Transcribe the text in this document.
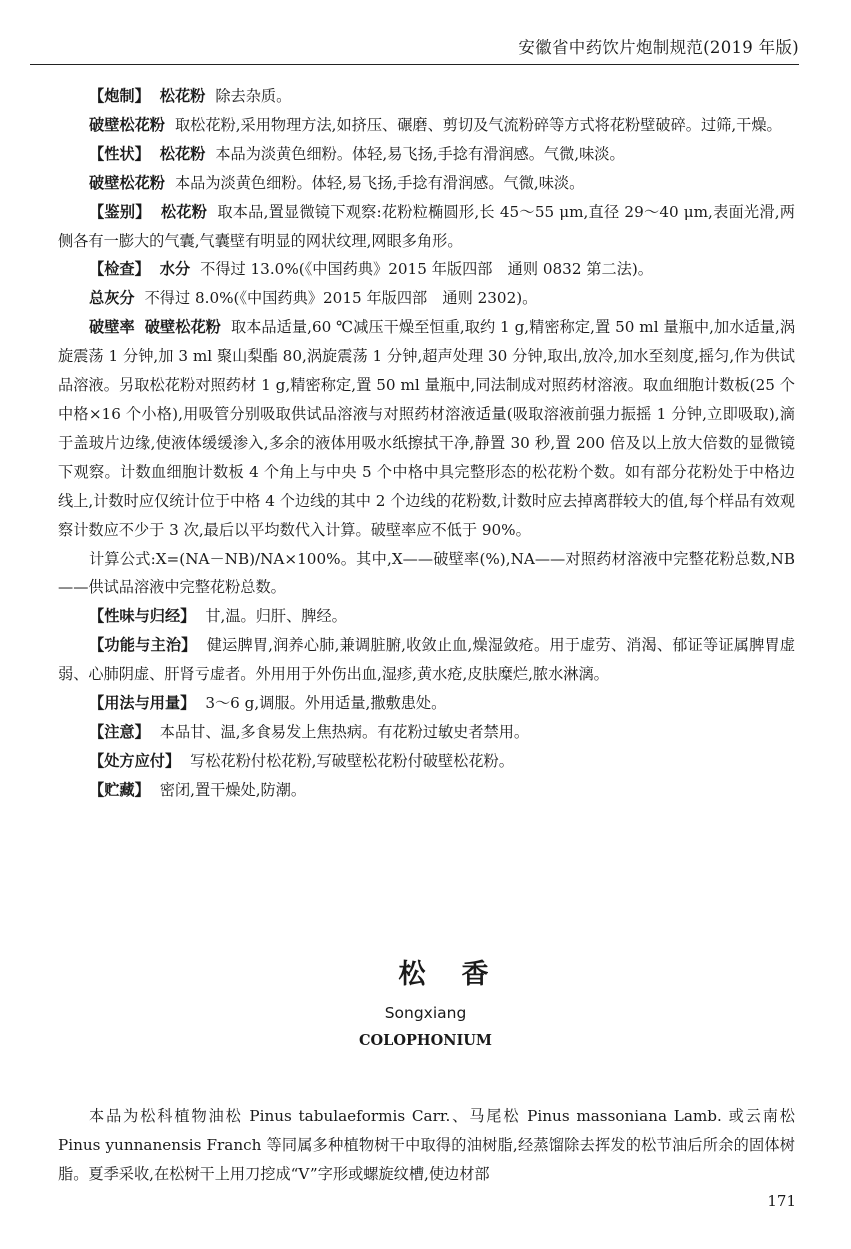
安徽省中药饮片炮制规范(2019 年版)

【炮制】 松花粉 除去杂质。

破壁松花粉 取松花粉,采用物理方法,如挤压、碾磨、剪切及气流粉碎等方式将花粉壁破碎。过筛,干燥。

【性状】 松花粉 本品为淡黄色细粉。体轻,易飞扬,手捻有滑润感。气微,味淡。

破壁松花粉 本品为淡黄色细粉。体轻,易飞扬,手捻有滑润感。气微,味淡。

【鉴别】 松花粉 取本品,置显微镜下观察:花粉粒椭圆形,长 45～55 μm,直径 29～40 μm,表面光滑,两侧各有一膨大的气囊,气囊壁有明显的网状纹理,网眼多角形。

【检查】 水分 不得过 13.0%(《中国药典》2015 年版四部　通则 0832 第二法)。

总灰分 不得过 8.0%(《中国药典》2015 年版四部　通则 2302)。

破壁率 破壁松花粉 取本品适量,60 ℃减压干燥至恒重,取约 1 g,精密称定,置 50 ml 量瓶中,加水适量,涡旋震荡 1 分钟,加 3 ml 聚山梨酯 80,涡旋震荡 1 分钟,超声处理 30 分钟,取出,放冷,加水至刻度,摇匀,作为供试品溶液。另取松花粉对照药材 1 g,精密称定,置 50 ml 量瓶中,同法制成对照药材溶液。取血细胞计数板(25 个中格×16 个小格),用吸管分别吸取供试品溶液与对照药材溶液适量(吸取溶液前强力振摇 1 分钟,立即吸取),滴于盖玻片边缘,使液体缓缓渗入,多余的液体用吸水纸擦拭干净,静置 30 秒,置 200 倍及以上放大倍数的显微镜下观察。计数血细胞计数板 4 个角上与中央 5 个中格中具完整形态的松花粉个数。如有部分花粉处于中格边线上,计数时应仅统计位于中格 4 个边线的其中 2 个边线的花粉数,计数时应去掉离群较大的值,每个样品有效观察计数应不少于 3 次,最后以平均数代入计算。破壁率应不低于 90%。

计算公式:X=(NA－NB)/NA×100%。其中,X——破壁率(%),NA——对照药材溶液中完整花粉总数,NB——供试品溶液中完整花粉总数。

【性味与归经】 甘,温。归肝、脾经。

【功能与主治】 健运脾胃,润养心肺,兼调脏腑,收敛止血,燥湿敛疮。用于虚劳、消渴、郁证等证属脾胃虚弱、心肺阴虚、肝肾亏虚者。外用用于外伤出血,湿疹,黄水疮,皮肤糜烂,脓水淋漓。

【用法与用量】 3～6 g,调服。外用适量,撒敷患处。

【注意】 本品甘、温,多食易发上焦热病。有花粉过敏史者禁用。

【处方应付】 写松花粉付松花粉,写破壁松花粉付破壁松花粉。

【贮藏】 密闭,置干燥处,防潮。

松香
Songxiang
COLOPHONIUM

本品为松科植物油松 Pinus tabulaeformis Carr.、马尾松 Pinus massoniana Lamb. 或云南松 Pinus yunnanensis Franch 等同属多种植物树干中取得的油树脂,经蒸馏除去挥发的松节油后所余的固体树脂。夏季采收,在松树干上用刀挖成“V”字形或螺旋纹槽,使边材部

171
